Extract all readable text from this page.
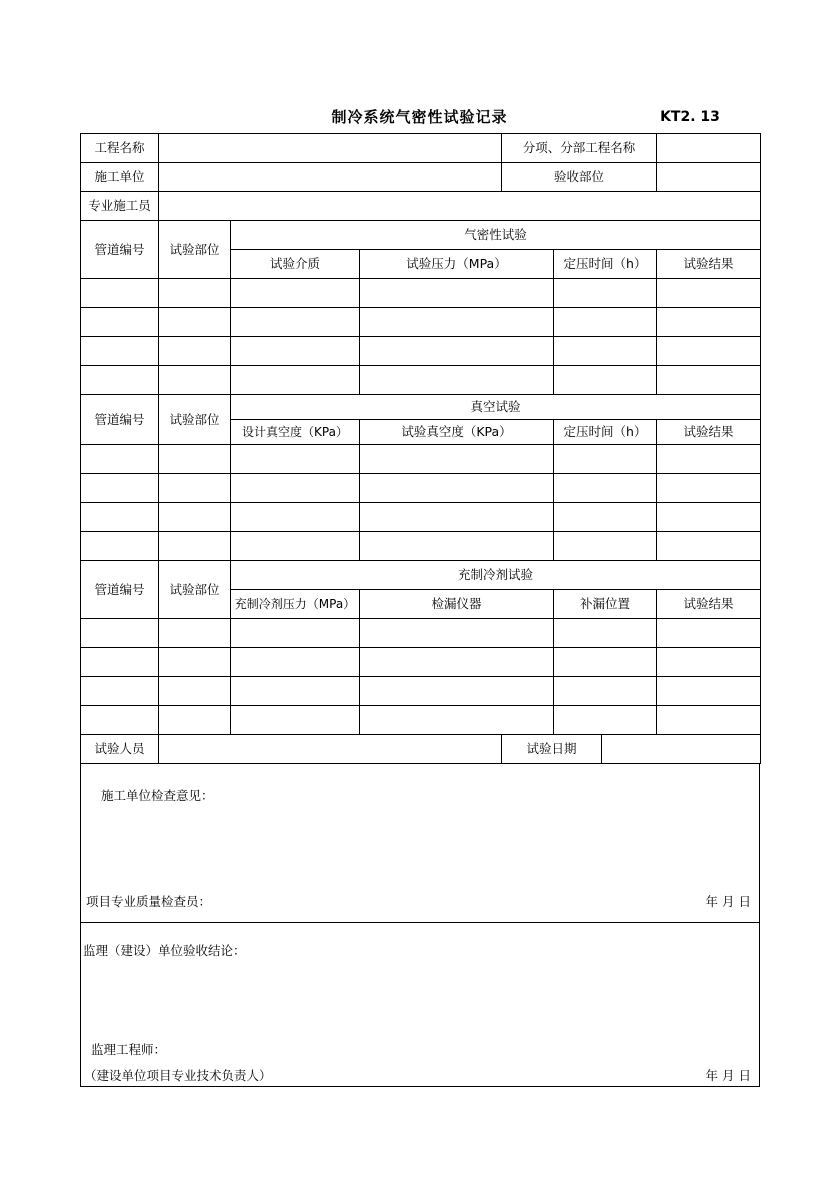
制冷系统气密性试验记录	KT2. 13
工程名称				分项、分部工程名称			
施工单位				验收部位			
专业施工员							
管道编号	试验部位	气密性试验					
		试验介质	试验压力（MPa）		定压时间（h）		试验结果

管道编号	试验部位	真空试验					
		设计真空度（KPa）	试验真空度（KPa）		定压时间（h）		试验结果

管道编号	试验部位	充制冷剂试验					
		充制冷剂压力（MPa）	检漏仪器		补漏位置		试验结果

试验人员				试验日期			
施工单位检查意见：
项目专业质量检查员：	年 月 日
监理（建设）单位验收结论：
监理工程师：
（建设单位项目专业技术负责人）	年 月 日
